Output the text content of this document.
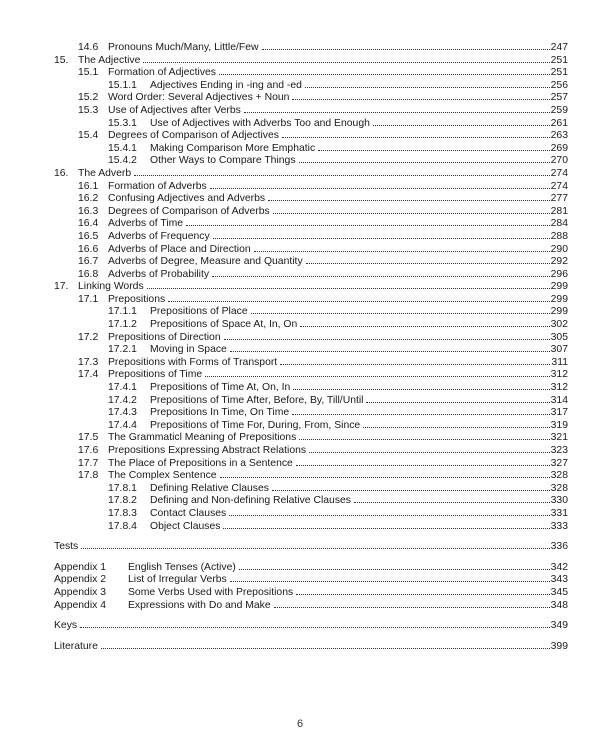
14.6 Pronouns Much/Many, Little/Few	247
15. The Adjective	251
15.1 Formation of Adjectives	251
15.1.1	Adjectives Ending in -ing and -ed	256
15.2 Word Order: Several Adjectives + Noun	257
15.3 Use of Adjectives after Verbs	259
15.3.1	Use of Adjectives with Adverbs Too and Enough	261
15.4 Degrees of Comparison of Adjectives	263
15.4.1	Making Comparison More Emphatic	269
15.4.2	Other Ways to Compare Things	270
16. The Adverb	274
16.1 Formation of Adverbs	274
16.2 Confusing Adjectives and Adverbs	277
16.3 Degrees of Comparison of Adverbs	281
16.4 Adverbs of Time	284
16.5 Adverbs of Frequency	288
16.6 Adverbs of Place and Direction	290
16.7 Adverbs of Degree, Measure and Quantity	292
16.8 Adverbs of Probability	296
17. Linking Words	299
17.1 Prepositions	299
17.1.1	Prepositions of Place	299
17.1.2	Prepositions of Space At, In, On	302
17.2 Prepositions of Direction	305
17.2.1	Moving in Space	307
17.3 Prepositions with Forms of Transport	311
17.4 Prepositions of Time	312
17.4.1	Prepositions of Time At, On, In	312
17.4.2	Prepositions of Time After, Before, By, Till/Until	314
17.4.3	Prepositions In Time, On Time	317
17.4.4	Prepositions of Time For, During, From, Since	319
17.5 The Grammaticl Meaning of Prepositions	321
17.6 Prepositions Expressing Abstract Relations	323
17.7 The Place of Prepositions in a Sentence	327
17.8 The Complex Sentence	328
17.8.1	Defining Relative Clauses	328
17.8.2	Defining and Non-defining Relative Clauses	330
17.8.3	Contact Clauses	331
17.8.4	Object Clauses	333
Tests	336
Appendix 1	English Tenses (Active)	342
Appendix 2	List of Irregular Verbs	343
Appendix 3	Some Verbs Used with Prepositions	345
Appendix 4	Expressions with Do and Make	348
Keys	349
Literature	399
6
